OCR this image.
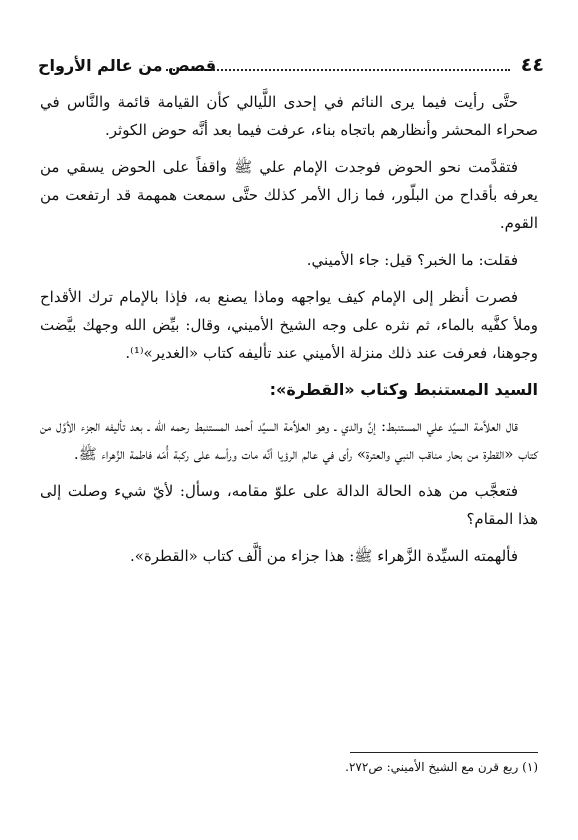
٤٤
قصص من عالم الأرواح

حتَّى رأيت فيما يرى النائم في إحدى اللَّيالي كأن القيامة قائمة والنَّاس في صحراء المحشر وأنظارهم باتجاه بناء، عرفت فيما بعد أنَّه حوض الكوثر.

فتقدَّمت نحو الحوض فوجدت الإمام علي ﷺ واقفاً على الحوض يسقي من يعرفه بأقداح من البلّور، فما زال الأمر كذلك حتَّى سمعت همهمة قد ارتفعت من القوم.

فقلت: ما الخبر؟ قيل: جاء الأميني.

فصرت أنظر إلى الإمام كيف يواجهه وماذا يصنع به، فإذا بالإمام ترك الأقداح وملأ كفَّيه بالماء، ثم نثره على وجه الشيخ الأميني، وقال: بيِّض الله وجهك بيَّضت وجوهنا، فعرفت عند ذلك منزلة الأميني عند تأليفه كتاب «الغدير»⁽¹⁾.

السيد المستنبط وكتاب «القطرة»:

قال العلاَّمة السيِّد علي المستنبط: إنَّ والدي ـ وهو العلاَّمة السيِّد أحمد المستنبط رحمه الله ـ بعد تأليفه الجزء الأوَّل من كتاب «القطرة من بحار مناقب النبي والعترة» رأى في عالم الرؤيا أنَّه مات ورأسه على ركبة أُمّه فاطمة الزَّهراء ﷺ.

فتعجَّب من هذه الحالة الدالة على علوّ مقامه، وسأل: لأيّ شيء وصلت إلى هذا المقام؟

فألهمته السيِّدة الزَّهراء ﷺ: هذا جزاء من ألَّف كتاب «القطرة».

(١) ربع قرن مع الشيخ الأميني: ص٢٧٢.
